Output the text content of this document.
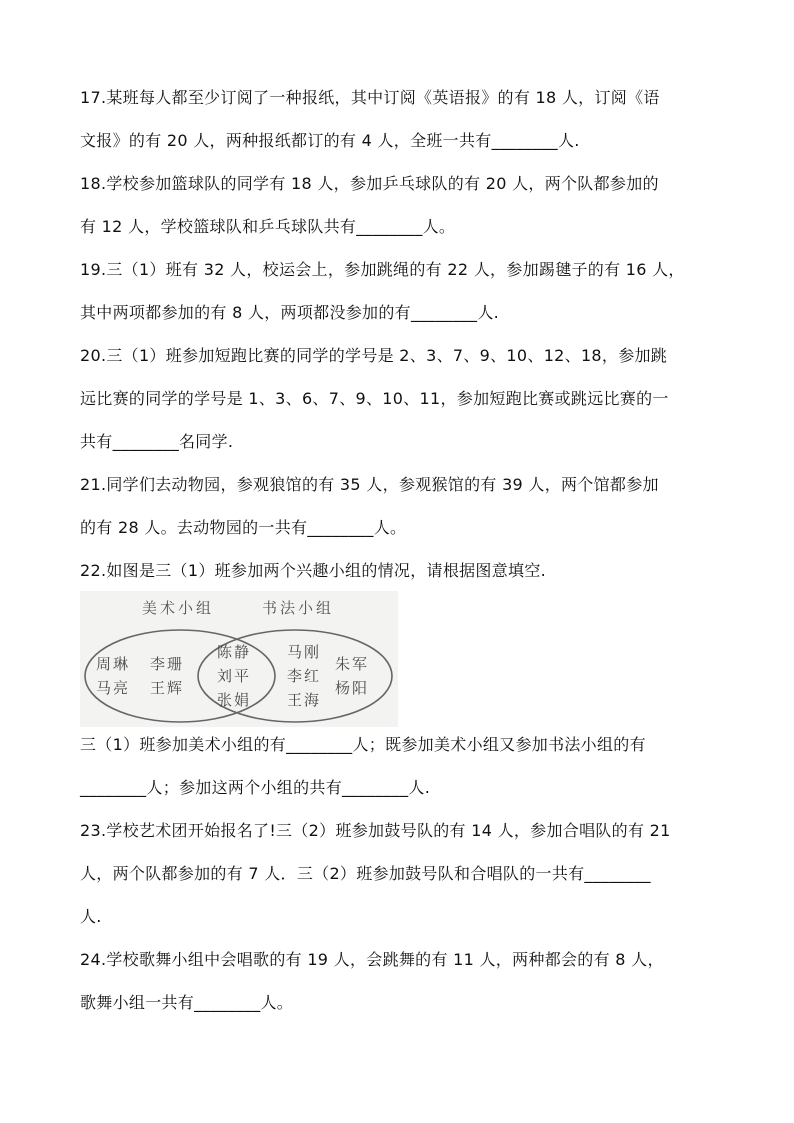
17.某班每人都至少订阅了一种报纸，其中订阅《英语报》的有 18 人，订阅《语

文报》的有 20 人，两种报纸都订的有 4 人，全班一共有________人.

18.学校参加篮球队的同学有 18 人，参加乒乓球队的有 20 人，两个队都参加的

有 12 人，学校篮球队和乒乓球队共有________人。

19.三（1）班有 32 人，校运会上，参加跳绳的有 22 人，参加踢毽子的有 16 人，

其中两项都参加的有 8 人，两项都没参加的有________人.

20.三（1）班参加短跑比赛的同学的学号是 2、3、7、9、10、12、18，参加跳

远比赛的同学的学号是 1、3、6、7、9、10、11，参加短跑比赛或跳远比赛的一

共有________名同学.

21.同学们去动物园，参观狼馆的有 35 人，参观猴馆的有 39 人，两个馆都参加

的有 28 人。去动物园的一共有________人。

22.如图是三（1）班参加两个兴趣小组的情况，请根据图意填空.

美术小组	书法小组
周琳 李珊
马亮 王辉
陈静
刘平
张娟
马刚
朱军
李红
杨阳
王海

三（1）班参加美术小组的有________人；既参加美术小组又参加书法小组的有

________人；参加这两个小组的共有________人.

23.学校艺术团开始报名了!三（2）班参加鼓号队的有 14 人，参加合唱队的有 21

人，两个队都参加的有 7 人．三（2）班参加鼓号队和合唱队的一共有________

人.

24.学校歌舞小组中会唱歌的有 19 人，会跳舞的有 11 人，两种都会的有 8 人，

歌舞小组一共有________人。
